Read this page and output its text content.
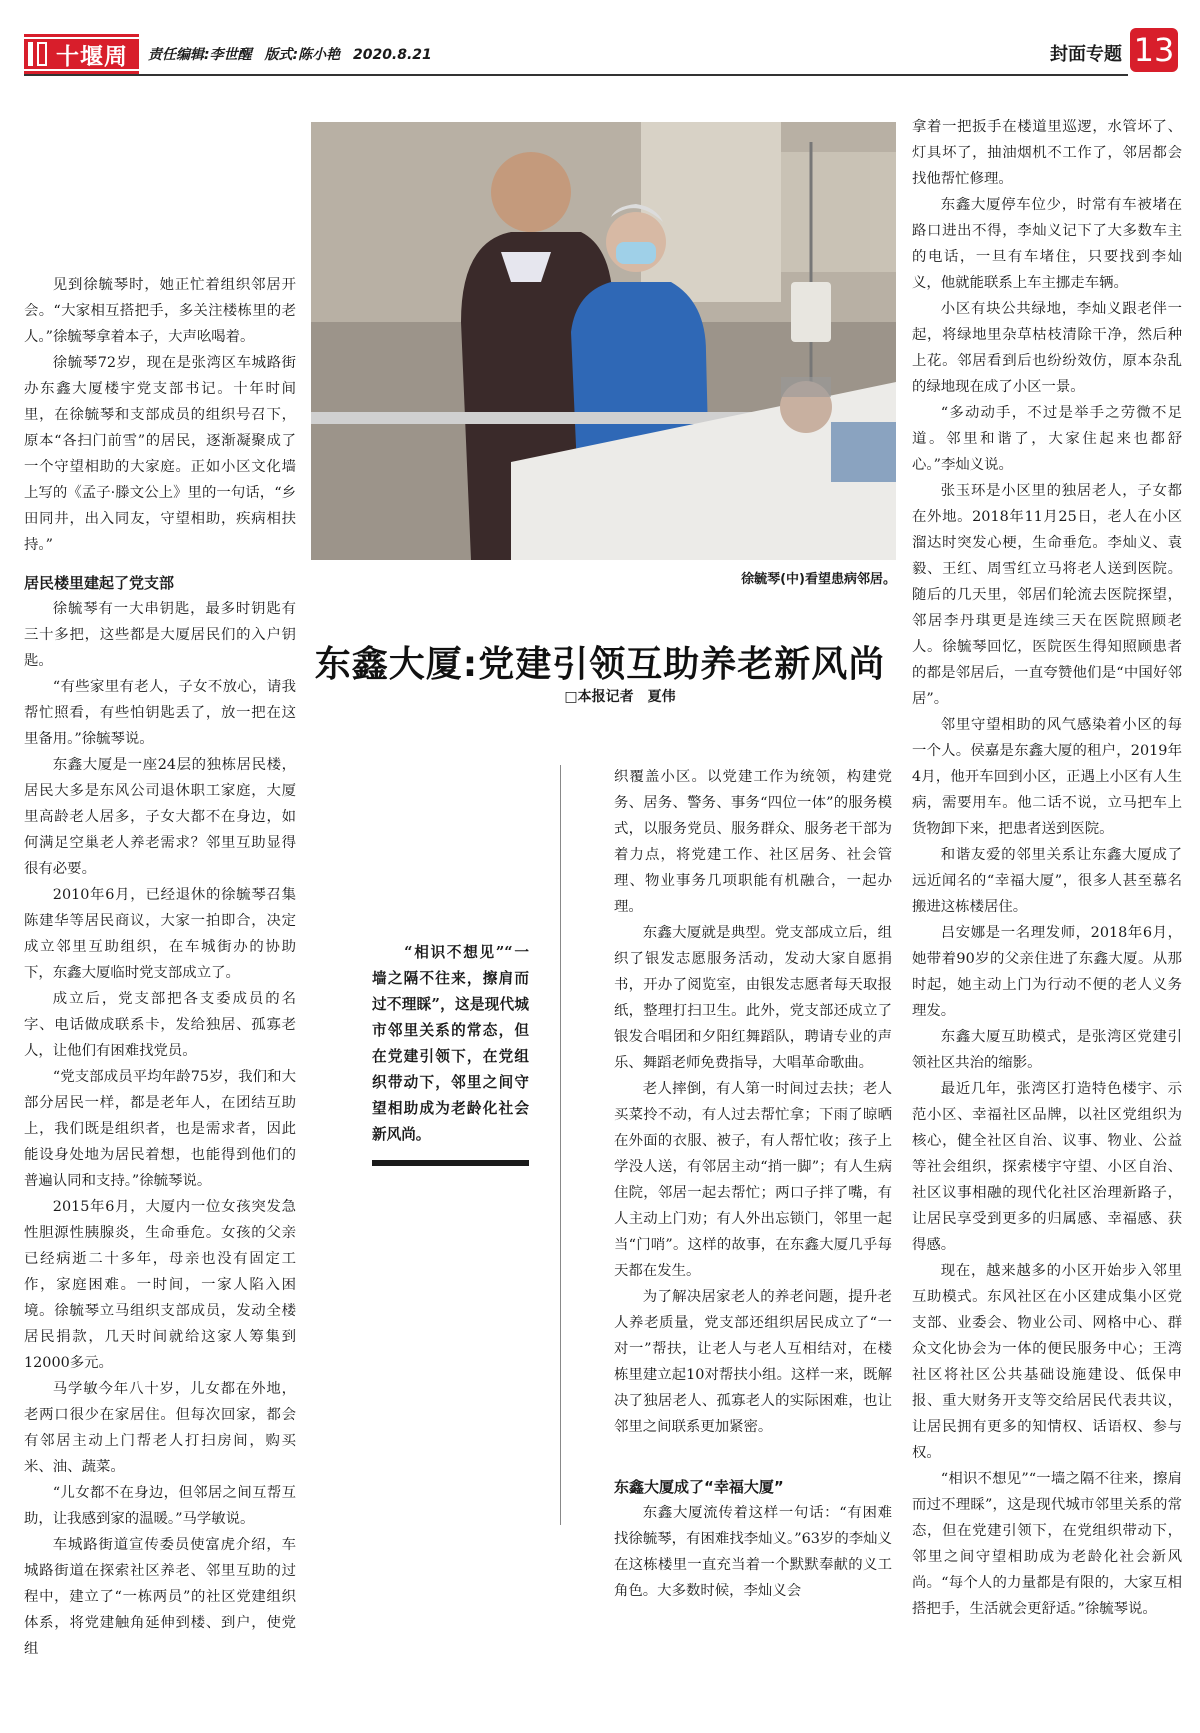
十堰周刊
责任编辑:李世醒 版式:陈小艳 2020.8.21	封面专题 13

见到徐毓琴时，她正忙着组织邻居开会。“大家相互搭把手，多关注楼栋里的老人。”徐毓琴拿着本子，大声吆喝着。

徐毓琴72岁，现在是张湾区车城路街办东鑫大厦楼宇党支部书记。十年时间里，在徐毓琴和支部成员的组织号召下，原本“各扫门前雪”的居民，逐渐凝聚成了一个守望相助的大家庭。正如小区文化墙上写的《孟子·滕文公上》里的一句话，“乡田同井，出入同友，守望相助，疾病相扶持。”

居民楼里建起了党支部

徐毓琴有一大串钥匙，最多时钥匙有三十多把，这些都是大厦居民们的入户钥匙。

“有些家里有老人，子女不放心，请我帮忙照看，有些怕钥匙丢了，放一把在这里备用。”徐毓琴说。

东鑫大厦是一座24层的独栋居民楼，居民大多是东风公司退休职工家庭，大厦里高龄老人居多，子女大都不在身边，如何满足空巢老人养老需求？邻里互助显得很有必要。

2010年6月，已经退休的徐毓琴召集陈建华等居民商议，大家一拍即合，决定成立邻里互助组织，在车城街办的协助下，东鑫大厦临时党支部成立了。

成立后，党支部把各支委成员的名字、电话做成联系卡，发给独居、孤寡老人，让他们有困难找党员。

“党支部成员平均年龄75岁，我们和大部分居民一样，都是老年人，在团结互助上，我们既是组织者，也是需求者，因此能设身处地为居民着想，也能得到他们的普遍认同和支持。”徐毓琴说。

2015年6月，大厦内一位女孩突发急性胆源性胰腺炎，生命垂危。女孩的父亲已经病逝二十多年，母亲也没有固定工作，家庭困难。一时间，一家人陷入困境。徐毓琴立马组织支部成员，发动全楼居民捐款，几天时间就给这家人筹集到12000多元。

马学敏今年八十岁，儿女都在外地，老两口很少在家居住。但每次回家，都会有邻居主动上门帮老人打扫房间，购买米、油、蔬菜。

“儿女都不在身边，但邻居之间互帮互助，让我感到家的温暖。”马学敏说。

车城路街道宣传委员使富虎介绍，车城路街道在探索社区养老、邻里互助的过程中，建立了“一栋两员”的社区党建组织体系，将党建触角延伸到楼、到户，使党组

徐毓琴(中)看望患病邻居。
东鑫大厦:党建引领互助养老新风尚
□本报记者　夏伟
“相识不想见”“一墙之隔不往来，擦肩而过不理睬”，这是现代城市邻里关系的常态，但在党建引领下，在党组织带动下，邻里之间守望相助成为老龄化社会新风尚。

织覆盖小区。以党建工作为统领，构建党务、居务、警务、事务“四位一体”的服务模式，以服务党员、服务群众、服务老干部为着力点，将党建工作、社区居务、社会管理、物业事务几项职能有机融合，一起办理。

东鑫大厦就是典型。党支部成立后，组织了银发志愿服务活动，发动大家自愿捐书，开办了阅览室，由银发志愿者每天取报纸，整理打扫卫生。此外，党支部还成立了银发合唱团和夕阳红舞蹈队，聘请专业的声乐、舞蹈老师免费指导，大唱革命歌曲。

老人摔倒，有人第一时间过去扶；老人买菜拎不动，有人过去帮忙拿；下雨了晾晒在外面的衣服、被子，有人帮忙收；孩子上学没人送，有邻居主动“捎一脚”；有人生病住院，邻居一起去帮忙；两口子拌了嘴，有人主动上门劝；有人外出忘锁门，邻里一起当“门哨”。这样的故事，在东鑫大厦几乎每天都在发生。

为了解决居家老人的养老问题，提升老人养老质量，党支部还组织居民成立了“一对一”帮扶，让老人与老人互相结对，在楼栋里建立起10对帮扶小组。这样一来，既解决了独居老人、孤寡老人的实际困难，也让邻里之间联系更加紧密。

东鑫大厦成了“幸福大厦”

东鑫大厦流传着这样一句话：“有困难找徐毓琴，有困难找李灿义。”63岁的李灿义在这栋楼里一直充当着一个默默奉献的义工角色。大多数时候，李灿义会

拿着一把扳手在楼道里巡逻，水管坏了、灯具坏了，抽油烟机不工作了，邻居都会找他帮忙修理。

东鑫大厦停车位少，时常有车被堵在路口进出不得，李灿义记下了大多数车主的电话，一旦有车堵住，只要找到李灿义，他就能联系上车主挪走车辆。

小区有块公共绿地，李灿义跟老伴一起，将绿地里杂草枯枝清除干净，然后种上花。邻居看到后也纷纷效仿，原本杂乱的绿地现在成了小区一景。

“多动动手，不过是举手之劳微不足道。邻里和谐了，大家住起来也都舒心。”李灿义说。

张玉环是小区里的独居老人，子女都在外地。2018年11月25日，老人在小区溜达时突发心梗，生命垂危。李灿义、袁毅、王红、周雪红立马将老人送到医院。随后的几天里，邻居们轮流去医院探望，邻居李丹琪更是连续三天在医院照顾老人。徐毓琴回忆，医院医生得知照顾患者的都是邻居后，一直夸赞他们是“中国好邻居”。

邻里守望相助的风气感染着小区的每一个人。侯嘉是东鑫大厦的租户，2019年4月，他开车回到小区，正遇上小区有人生病，需要用车。他二话不说，立马把车上货物卸下来，把患者送到医院。

和谐友爱的邻里关系让东鑫大厦成了远近闻名的“幸福大厦”，很多人甚至慕名搬进这栋楼居住。

吕安娜是一名理发师，2018年6月，她带着90岁的父亲住进了东鑫大厦。从那时起，她主动上门为行动不便的老人义务理发。

东鑫大厦互助模式，是张湾区党建引领社区共治的缩影。

最近几年，张湾区打造特色楼宇、示范小区、幸福社区品牌，以社区党组织为核心，健全社区自治、议事、物业、公益等社会组织，探索楼宇守望、小区自治、社区议事相融的现代化社区治理新路子，让居民享受到更多的归属感、幸福感、获得感。

现在，越来越多的小区开始步入邻里互助模式。东风社区在小区建成集小区党支部、业委会、物业公司、网格中心、群众文化协会为一体的便民服务中心；王湾社区将社区公共基础设施建设、低保申报、重大财务开支等交给居民代表共议，让居民拥有更多的知情权、话语权、参与权。

“相识不想见”“一墙之隔不往来，擦肩而过不理睬”，这是现代城市邻里关系的常态，但在党建引领下，在党组织带动下，邻里之间守望相助成为老龄化社会新风尚。“每个人的力量都是有限的，大家互相搭把手，生活就会更舒适。”徐毓琴说。
